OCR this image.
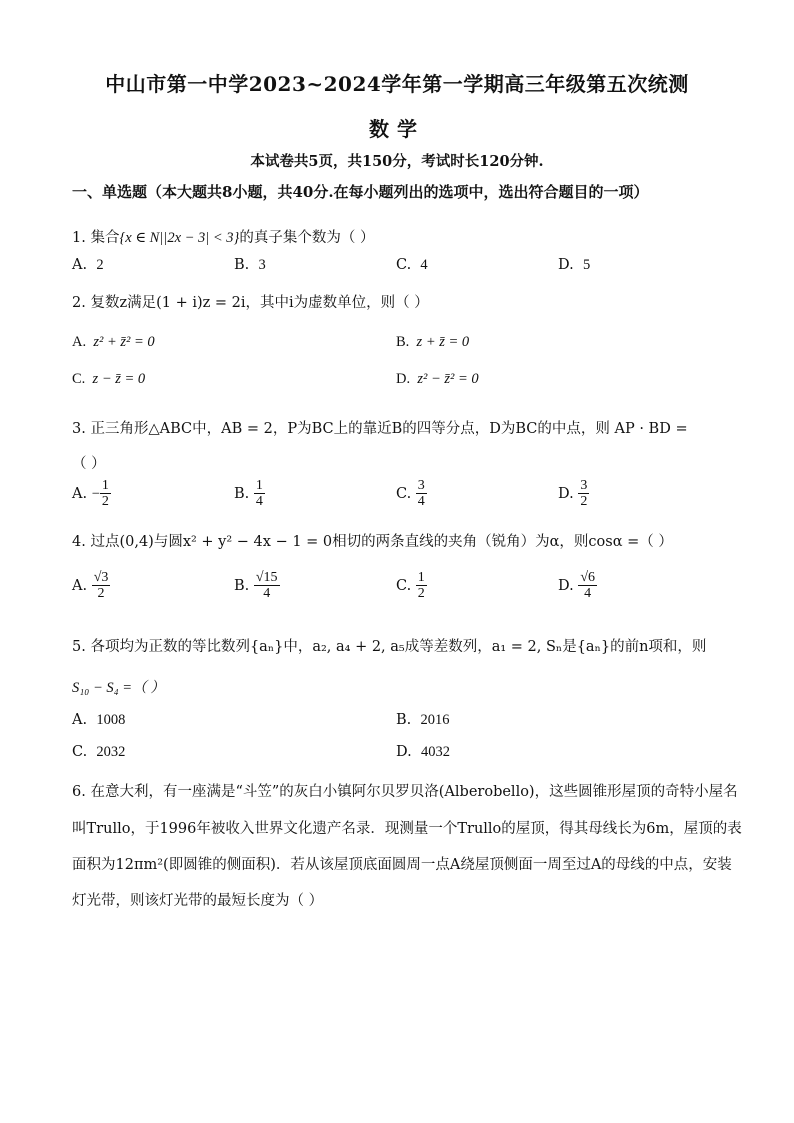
中山市第一中学2023~2024学年第一学期高三年级第五次统测
数学
本试卷共5页，共150分，考试时长120分钟.
一、单选题（本大题共8小题，共40分.在每小题列出的选项中，选出符合题目的一项）
1. 集合{x ∈ N||2x − 3| < 3}的真子集个数为（ ）
A. 2	B. 3	C. 4	D. 5
2. 复数z满足(1 + i)z = 2i，其中i为虚数单位，则（ ）
A. z² + z̄² = 0	B. z + z̄ = 0
C. z − z̄ = 0	D. z² − z̄² = 0
3. 正三角形△ABC中，AB = 2，P为BC上的靠近B的四等分点，D为BC的中点，则 AP · BD =
（ ）
A. − $\frac{1}{2}$	B. $\frac{1}{4}$	C. $\frac{3}{4}$	D. $\frac{3}{2}$
4. 过点(0,4)与圆x² + y² − 4x − 1 = 0相切的两条直线的夹角（锐角）为α，则cosα =（ ）
A. $\frac{√3}{2}$	B. $\frac{√15}{4}$	C. $\frac{1}{2}$	D. $\frac{√6}{4}$
5. 各项均为正数的等比数列{aₙ}中，a₂, a₄ + 2, a₅成等差数列，a₁ = 2, Sₙ是{aₙ}的前n项和，则
S₁₀ − S₄ =（ ）
A. 1008	B. 2016
C. 2032	D. 4032
6. 在意大利，有一座满是“斗笠”的灰白小镇阿尔贝罗贝洛(Alberobello)，这些圆锥形屋顶的奇特小屋名
叫Trullo，于1996年被收入世界文化遗产名录．现测量一个Trullo的屋顶，得其母线长为6m，屋顶的表
面积为12πm²(即圆锥的侧面积)．若从该屋顶底面圆周一点A绕屋顶侧面一周至过A的母线的中点，安装
灯光带，则该灯光带的最短长度为（ ）
